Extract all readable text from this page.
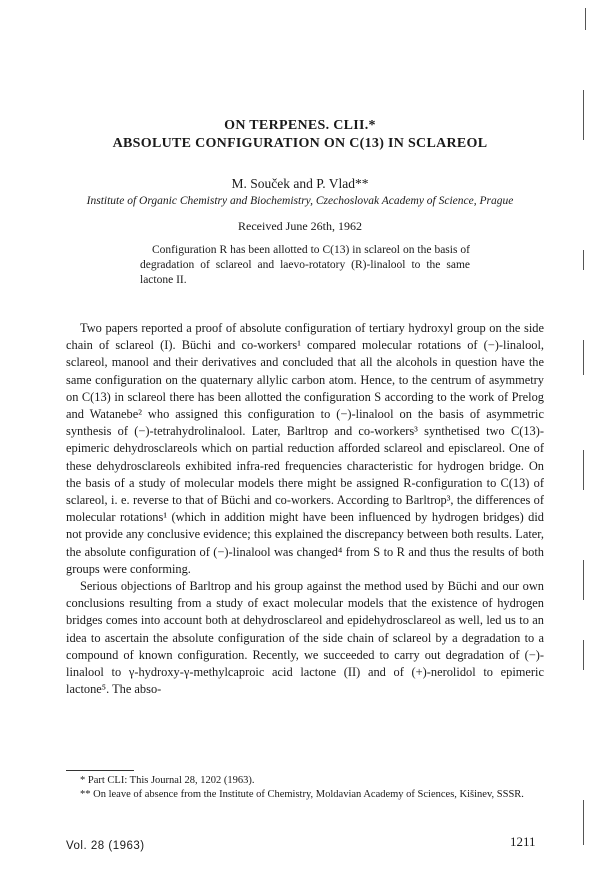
ON TERPENES. CLII.*
ABSOLUTE CONFIGURATION ON C(13) IN SCLAREOL
M. Souček and P. Vlad**
Institute of Organic Chemistry and Biochemistry, Czechoslovak Academy of Science, Prague
Received June 26th, 1962
Configuration R has been allotted to C(13) in sclareol on the basis of degradation of sclareol and laevo-rotatory (R)-linalool to the same lactone II.

Two papers reported a proof of absolute configuration of tertiary hydroxyl group on the side chain of sclareol (I). Büchi and co-workers¹ compared molecular rotations of (−)-linalool, sclareol, manool and their derivatives and concluded that all the alcohols in question have the same configuration on the quaternary allylic carbon atom. Hence, to the centrum of asymmetry on C(13) in sclareol there has been allotted the configuration S according to the work of Prelog and Watanebe² who assigned this configuration to (−)-linalool on the basis of asymmetric synthesis of (−)-tetrahydrolinalool. Later, Barltrop and co-workers³ synthetised two C(13)-epimeric dehydrosclareols which on partial reduction afforded sclareol and episclareol. One of these dehydrosclareols exhibited infra-red frequencies characteristic for hydrogen bridge. On the basis of a study of molecular models there might be assigned R-configuration to C(13) of sclareol, i. e. reverse to that of Büchi and co-workers. According to Barltrop³, the differences of molecular rotations¹ (which in addition might have been influenced by hydrogen bridges) did not provide any conclusive evidence; this explained the discrepancy between both results. Later, the absolute configuration of (−)-linalool was changed⁴ from S to R and thus the results of both groups were conforming.

Serious objections of Barltrop and his group against the method used by Büchi and our own conclusions resulting from a study of exact molecular models that the existence of hydrogen bridges comes into account both at dehydrosclareol and epidehydrosclareol as well, led us to an idea to ascertain the absolute configuration of the side chain of sclareol by a degradation to a compound of known configuration. Recently, we succeeded to carry out degradation of (−)-linalool to γ-hydroxy-γ-methylcaproic acid lactone (II) and of (+)-nerolidol to epimeric lactone⁵. The abso-

* Part CLI: This Journal 28, 1202 (1963).

** On leave of absence from the Institute of Chemistry, Moldavian Academy of Sciences, Kišinev, SSSR.

Vol. 28 (1963)	1211
